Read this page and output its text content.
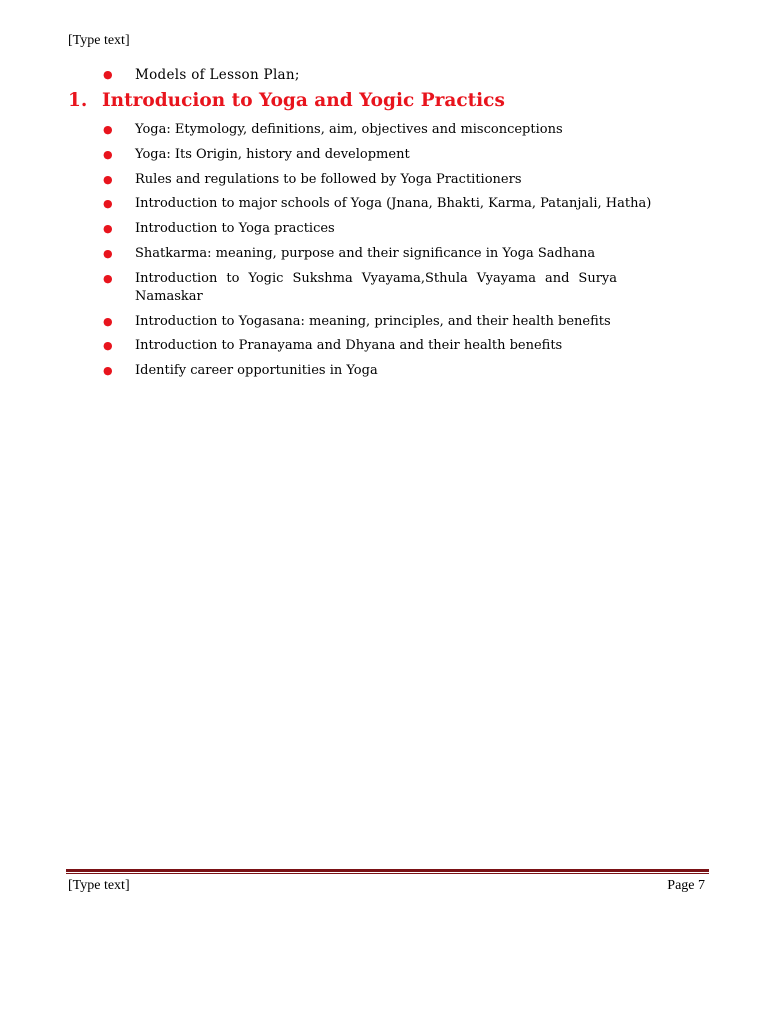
[Type text]
● Models of Lesson Plan;
1. Introducion to Yoga and Yogic Practics
● Yoga: Etymology, definitions, aim, objectives and misconceptions
● Yoga: Its Origin, history and development
● Rules and regulations to be followed by Yoga Practitioners
● Introduction to major schools of Yoga (Jnana, Bhakti, Karma, Patanjali, Hatha)
● Introduction to Yoga practices
● Shatkarma: meaning, purpose and their significance in Yoga Sadhana
● Introduction to Yogic Sukshma Vyayama,Sthula Vyayama and Surya Namaskar
● Introduction to Yogasana: meaning, principles, and their health benefits
● Introduction to Pranayama and Dhyana and their health benefits
● Identify career opportunities in Yoga
[Type text]	Page 7
